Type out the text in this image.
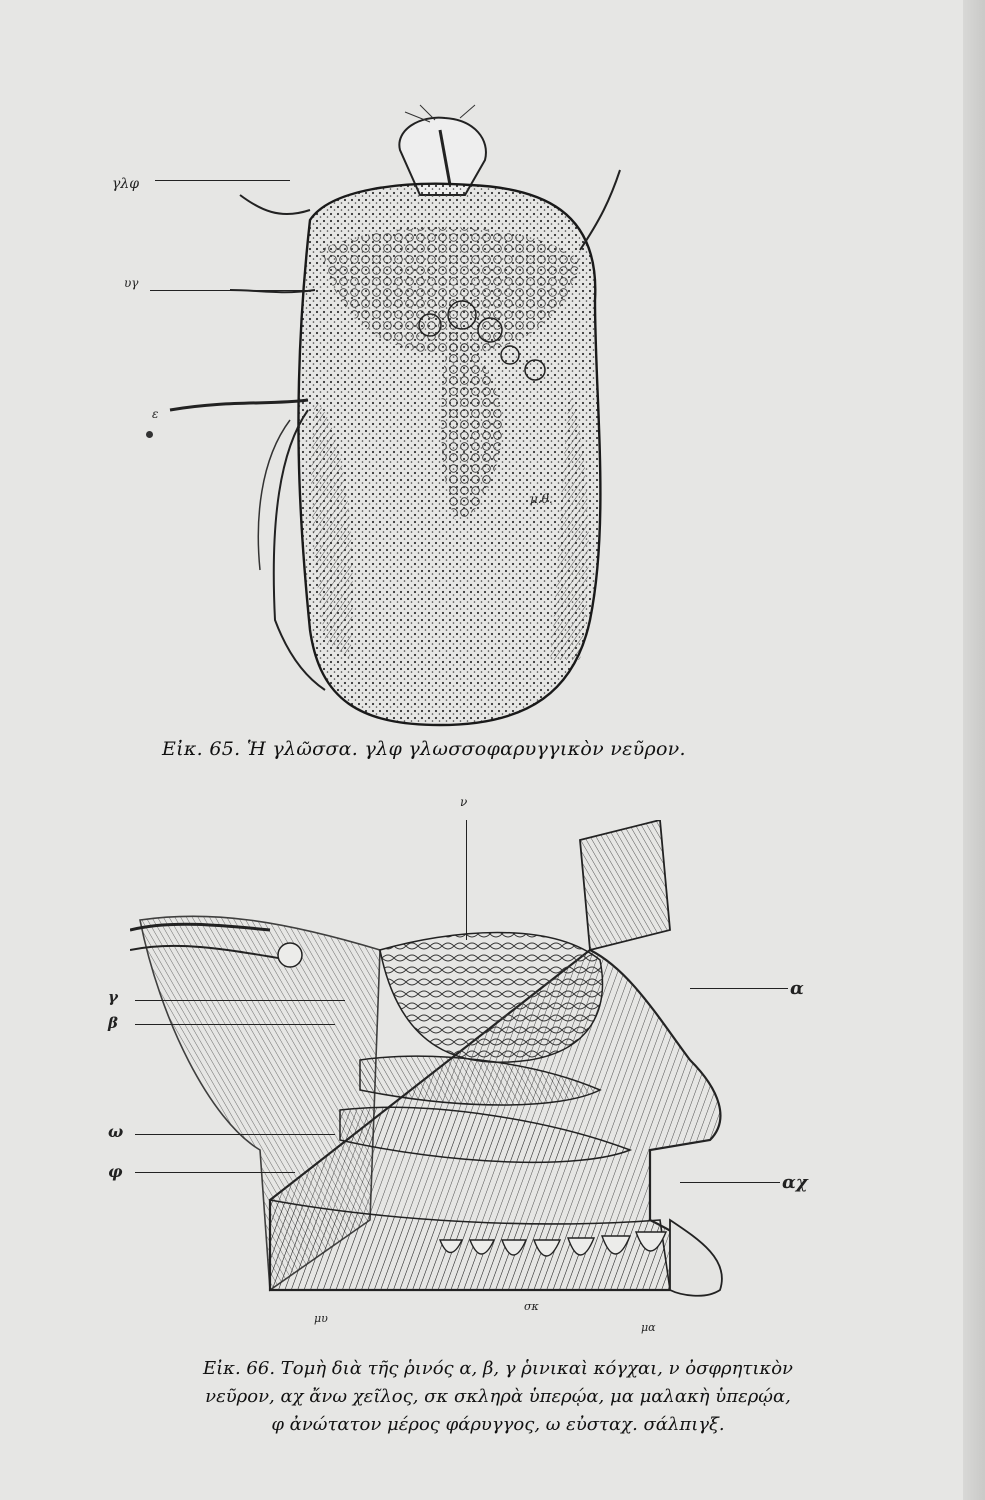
γλφ
υγ
ε
μ.θ.
Εἰκ. 65. Ἡ γλῶσσα. γλφ γλωσσοφαρυγγικὸν νεῦρον.
ν
α
γ
β
ω
φ
αχ
σκ
μυ
μα
Εἰκ. 66. Τομὴ διὰ τῆς ῥινός α, β, γ ῥινικαὶ κόγχαι, ν ὀσφρητικὸν
νεῦρον, αχ ἄνω χεῖλος, σκ σκληρὰ ὑπερῴα, μα μαλακὴ ὑπερῴα,
φ ἀνώτατον μέρος φάρυγγος, ω εὐσταχ. σάλπιγξ.
